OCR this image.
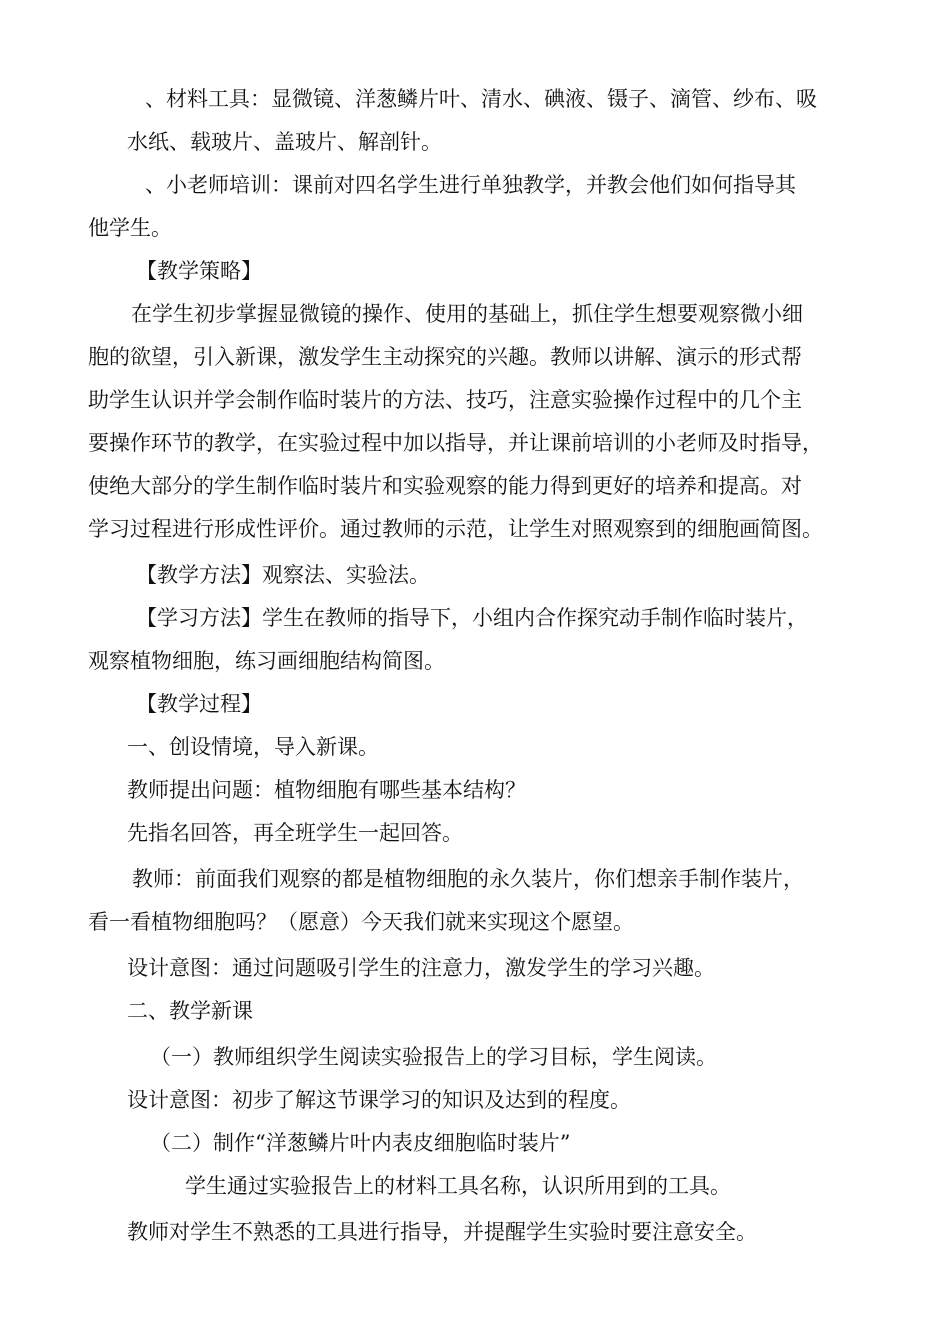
、材料工具：显微镜、洋葱鳞片叶、清水、碘液、镊子、滴管、纱布、吸
水纸、载玻片、盖玻片、解剖针。
、小老师培训：课前对四名学生进行单独教学，并教会他们如何指导其
他学生。
【教学策略】
在学生初步掌握显微镜的操作、使用的基础上，抓住学生想要观察微小细
胞的欲望，引入新课，激发学生主动探究的兴趣。教师以讲解、演示的形式帮
助学生认识并学会制作临时装片的方法、技巧，注意实验操作过程中的几个主
要操作环节的教学，在实验过程中加以指导，并让课前培训的小老师及时指导，
使绝大部分的学生制作临时装片和实验观察的能力得到更好的培养和提高。对
学习过程进行形成性评价。通过教师的示范，让学生对照观察到的细胞画简图。
【教学方法】观察法、实验法。
【学习方法】学生在教师的指导下，小组内合作探究动手制作临时装片，
观察植物细胞，练习画细胞结构简图。
【教学过程】
一、创设情境，导入新课。
教师提出问题：植物细胞有哪些基本结构？
先指名回答，再全班学生一起回答。
教师：前面我们观察的都是植物细胞的永久装片，你们想亲手制作装片，
看一看植物细胞吗？（愿意）今天我们就来实现这个愿望。
设计意图：通过问题吸引学生的注意力，激发学生的学习兴趣。
二、教学新课
（一）教师组织学生阅读实验报告上的学习目标，学生阅读。
设计意图：初步了解这节课学习的知识及达到的程度。
（二）制作“洋葱鳞片叶内表皮细胞临时装片”
学生通过实验报告上的材料工具名称，认识所用到的工具。
教师对学生不熟悉的工具进行指导，并提醒学生实验时要注意安全。
